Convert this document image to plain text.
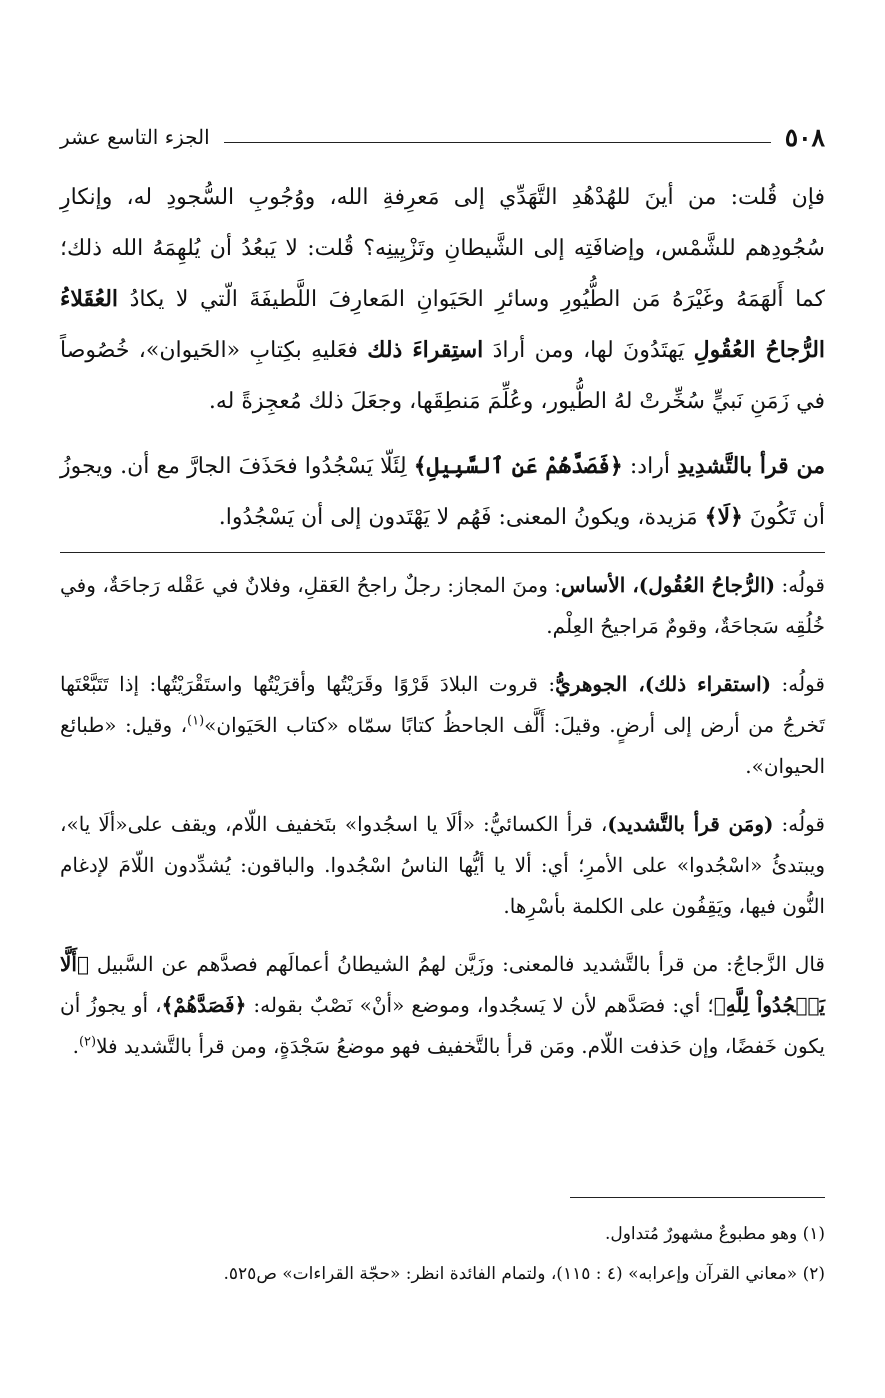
٥٠٨
الجزء التاسع عشر

فإن قُلت: من أينَ للهُدْهُدِ التَّهَدِّي إلى مَعرِفةِ الله، ووُجُوبِ السُّجودِ له، وإنكارِ سُجُودِهم للشَّمْس، وإضافَتِه إلى الشَّيطانِ وتَزْيِينِه؟ قُلت: لا يَبعُدُ أن يُلهِمَهُ الله ذلك؛ كما أَلهَمَهُ وغَيْرَهُ مَن الطُّيُورِ وسائرِ الحَيَوانِ المَعارِفَ اللَّطيفَةَ الّتي لا يكادُ العُقَلاءُ الرُّجاحُ العُقُولِ يَهتَدُونَ لها، ومن أرادَ استِقراءَ ذلك فعَليهِ بكِتابِ «الحَيوان»، خُصُوصاً في زَمَنِ نَبيٍّ سُخِّرتْ لهُ الطُّيور، وعُلِّمَ مَنطِقَها، وجعَلَ ذلك مُعجِزةً له.

من قرأ بالتَّشدِيدِ أراد: ﴿فَصَدَّهُمْ عَنِ ٱلسَّبِيلِ﴾ لِئَلّا يَسْجُدُوا فحَذَفَ الجارَّ مع أن. ويجوزُ أن تَكُونَ ﴿لَا﴾ مَزيدة، ويكونُ المعنى: فَهُم لا يَهْتَدون إلى أن يَسْجُدُوا.

قولُه: (الرُّجاحُ العُقُول)، الأساس: ومنَ المجاز: رجلٌ راجحُ العَقلِ، وفلانٌ في عَقْله رَجاحَةٌ، وفي خُلُقِه سَجاحَةٌ، وقومٌ مَراجيحُ العِلْم.

قولُه: (استقراء ذلك)، الجوهريُّ: قروت البلادَ قَرْوًا وقَرَيْتُها وأقرَيْتُها واستَقْرَيْتُها: إذا تَتَبَّعْتَها تَخرجُ من أرض إلى أرضٍ. وقيلَ: أَلَّف الجاحظُ كتابًا سمّاه «كتاب الحَيَوان»$^{(١)}$، وقيل: «طبائع الحيوان».

قولُه: (ومَن قرأ بالتَّشديد)، قرأ الكسائيُّ: «ألَا يا اسجُدوا» بتَخفيف اللّام، ويقف على«ألَا يا»، ويبتدئُ «اسْجُدوا» على الأمرِ؛ أي: ألا يا أيُّها الناسُ اسْجُدوا. والباقون: يُشدِّدون اللّامَ لإدغام النُّون فيها، ويَقِفُون على الكلمة بأسْرِها.

قال الزَّجاجُ: من قرأ بالتَّشديد فالمعنى: وزَيَّن لهمُ الشيطانُ أعمالَهم فصدَّهم عن السَّبيل ﴿أَلَّا يَسۡجُدُواْ لِلَّهِ﴾؛ أي: فصَدَّهم لأن لا يَسجُدوا، وموضع «أنْ» نَصْبٌ بقوله: ﴿فَصَدَّهُمْ﴾، أو يجوزُ أن يكون خَفضًا، وإن حَذفت اللّام. ومَن قرأ بالتَّخفيف فهو موضعُ سَجْدَةٍ، ومن قرأ بالتَّشديد فلا$^{(٢)}$.

(١) وهو مطبوعٌ مشهورٌ مُتداول.

(٢) «معاني القرآن وإعرابه» (٤ : ١١٥)، ولتمام الفائدة انظر: «حجّة القراءات» ص٥٢٥.
